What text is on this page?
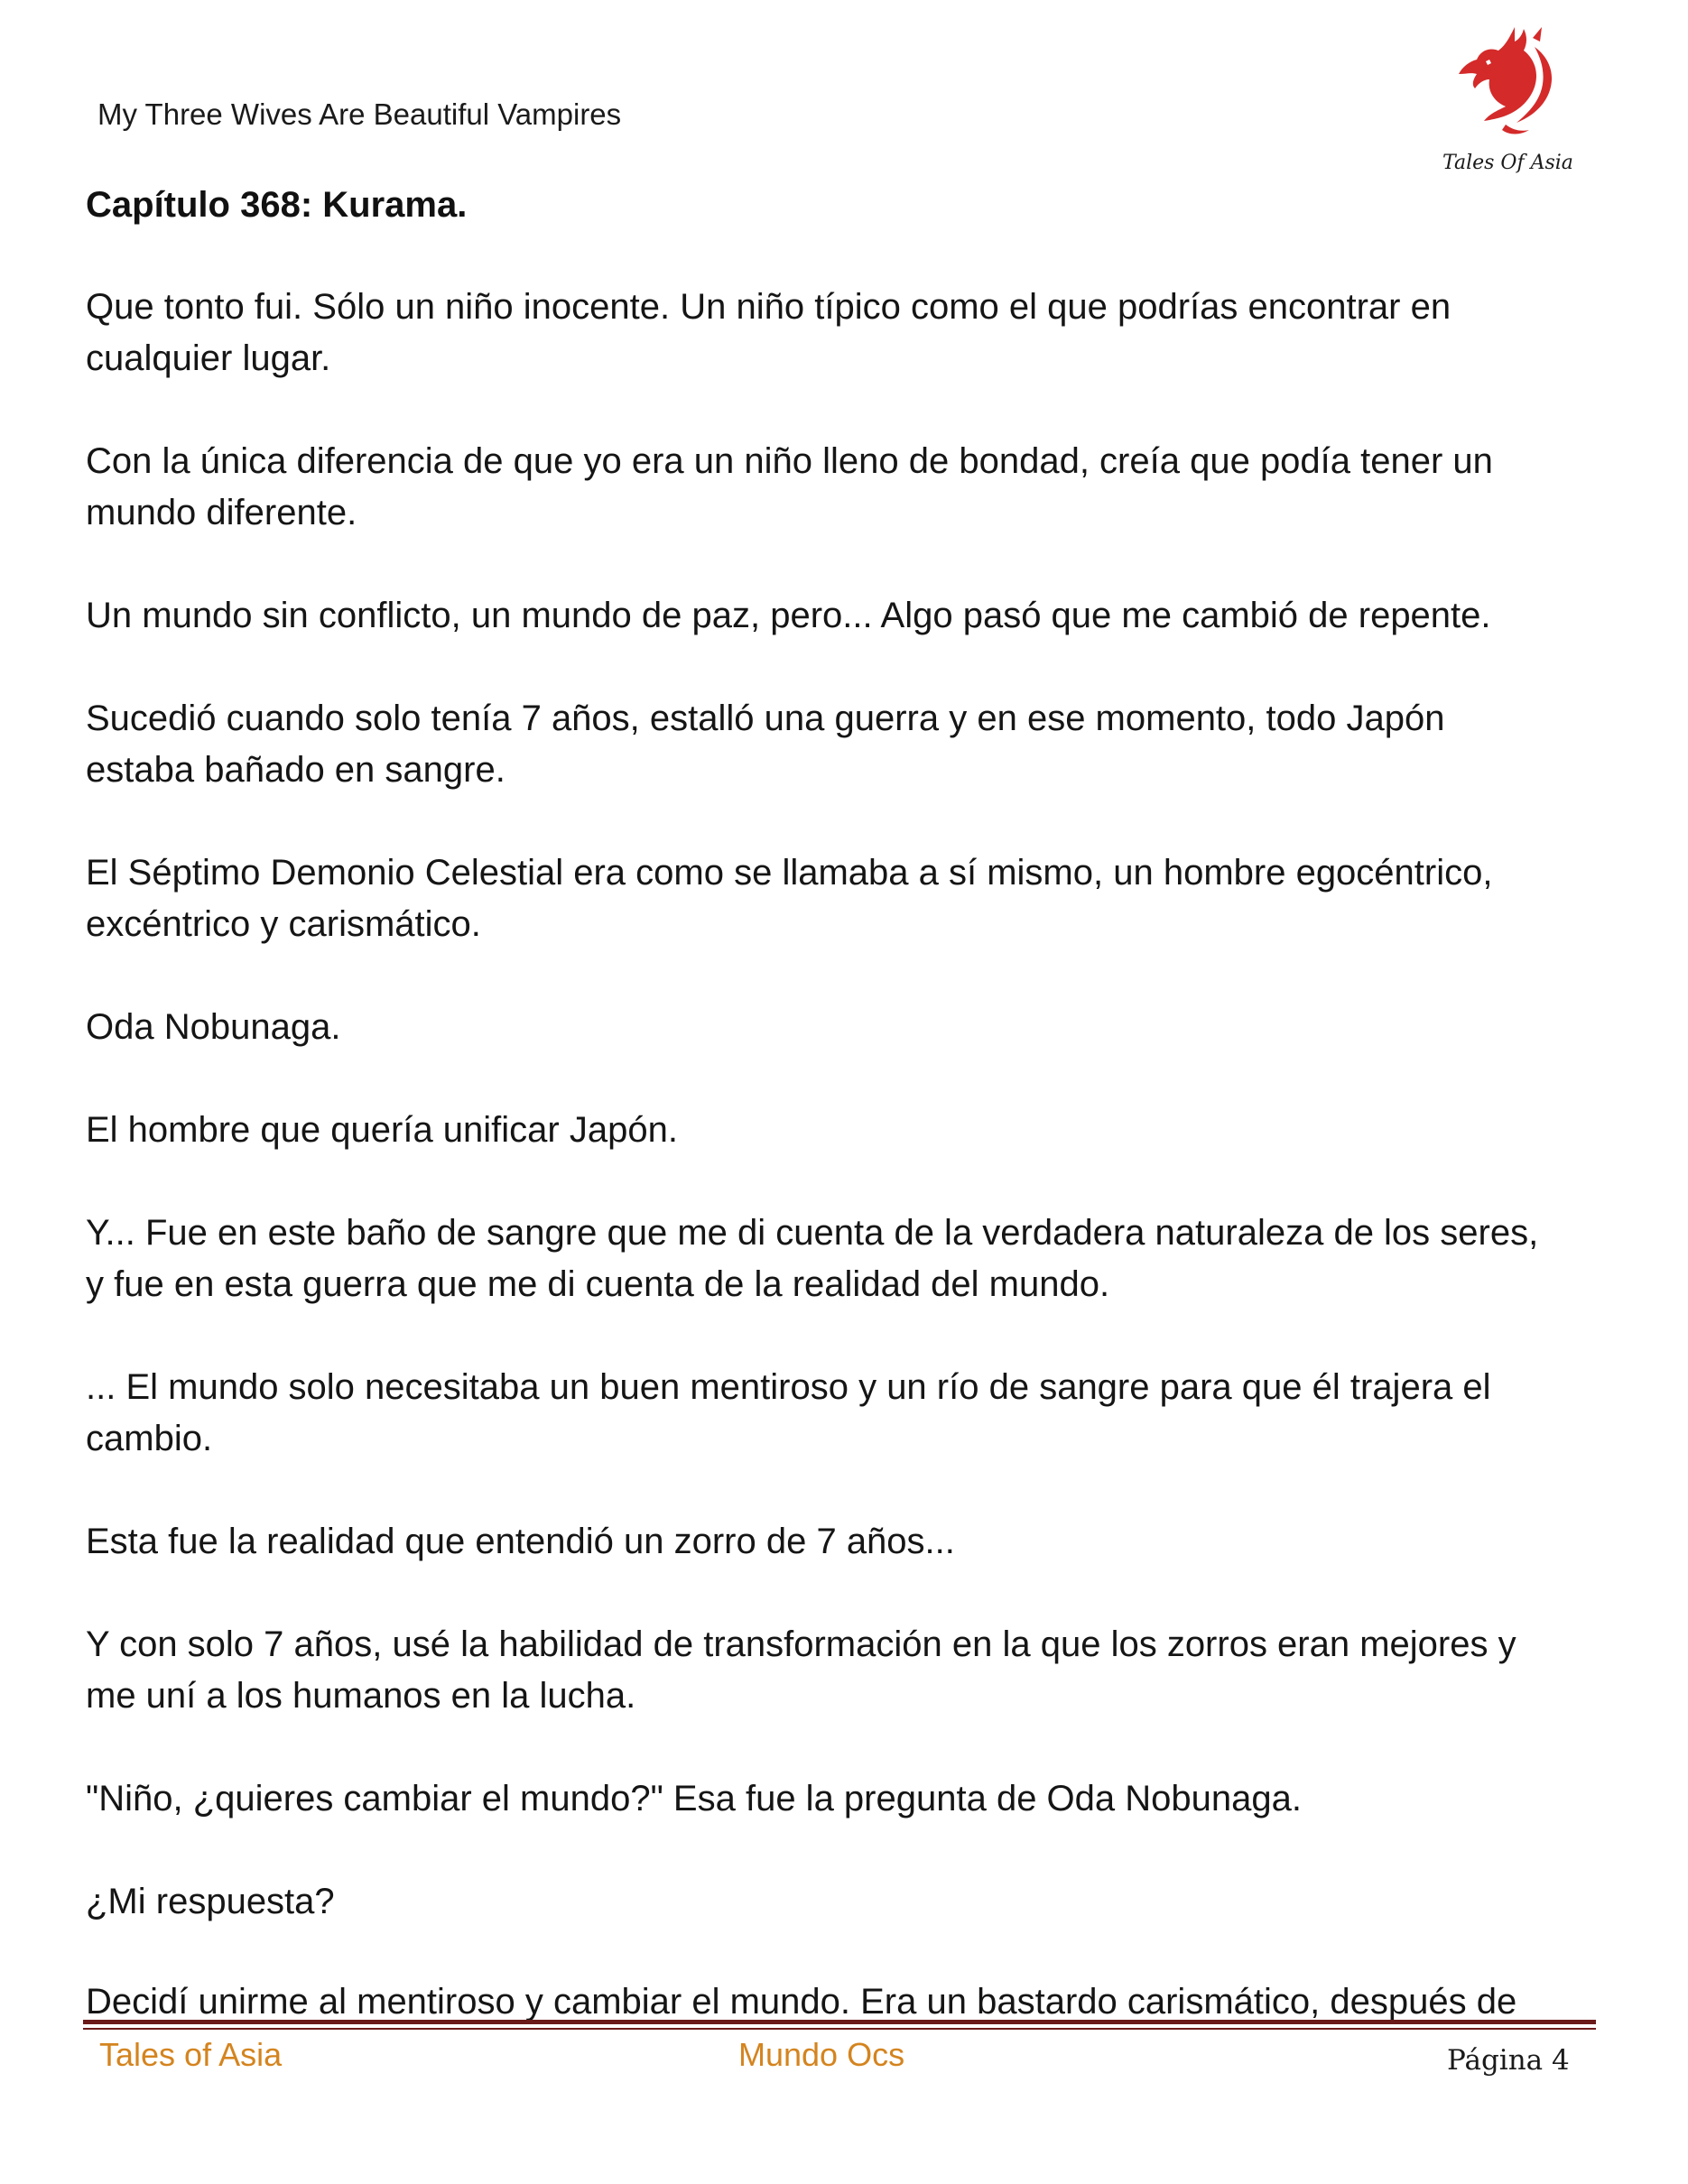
My Three Wives Are Beautiful Vampires
Tales Of Asia
Capítulo 368: Kurama.

Que tonto fui. Sólo un niño inocente. Un niño típico como el que podrías encontrar en
cualquier lugar.

Con la única diferencia de que yo era un niño lleno de bondad, creía que podía tener un
mundo diferente.

Un mundo sin conflicto, un mundo de paz, pero... Algo pasó que me cambió de repente.

Sucedió cuando solo tenía 7 años, estalló una guerra y en ese momento, todo Japón
estaba bañado en sangre.

El Séptimo Demonio Celestial era como se llamaba a sí mismo, un hombre egocéntrico,
excéntrico y carismático.

Oda Nobunaga.

El hombre que quería unificar Japón.

Y... Fue en este baño de sangre que me di cuenta de la verdadera naturaleza de los seres,
y fue en esta guerra que me di cuenta de la realidad del mundo.

... El mundo solo necesitaba un buen mentiroso y un río de sangre para que él trajera el
cambio.

Esta fue la realidad que entendió un zorro de 7 años...

Y con solo 7 años, usé la habilidad de transformación en la que los zorros eran mejores y
me uní a los humanos en la lucha.

"Niño, ¿quieres cambiar el mundo?" Esa fue la pregunta de Oda Nobunaga.

¿Mi respuesta?

Decidí unirme al mentiroso y cambiar el mundo. Era un bastardo carismático, después de
Tales of Asia	Mundo Ocs	Página 4
